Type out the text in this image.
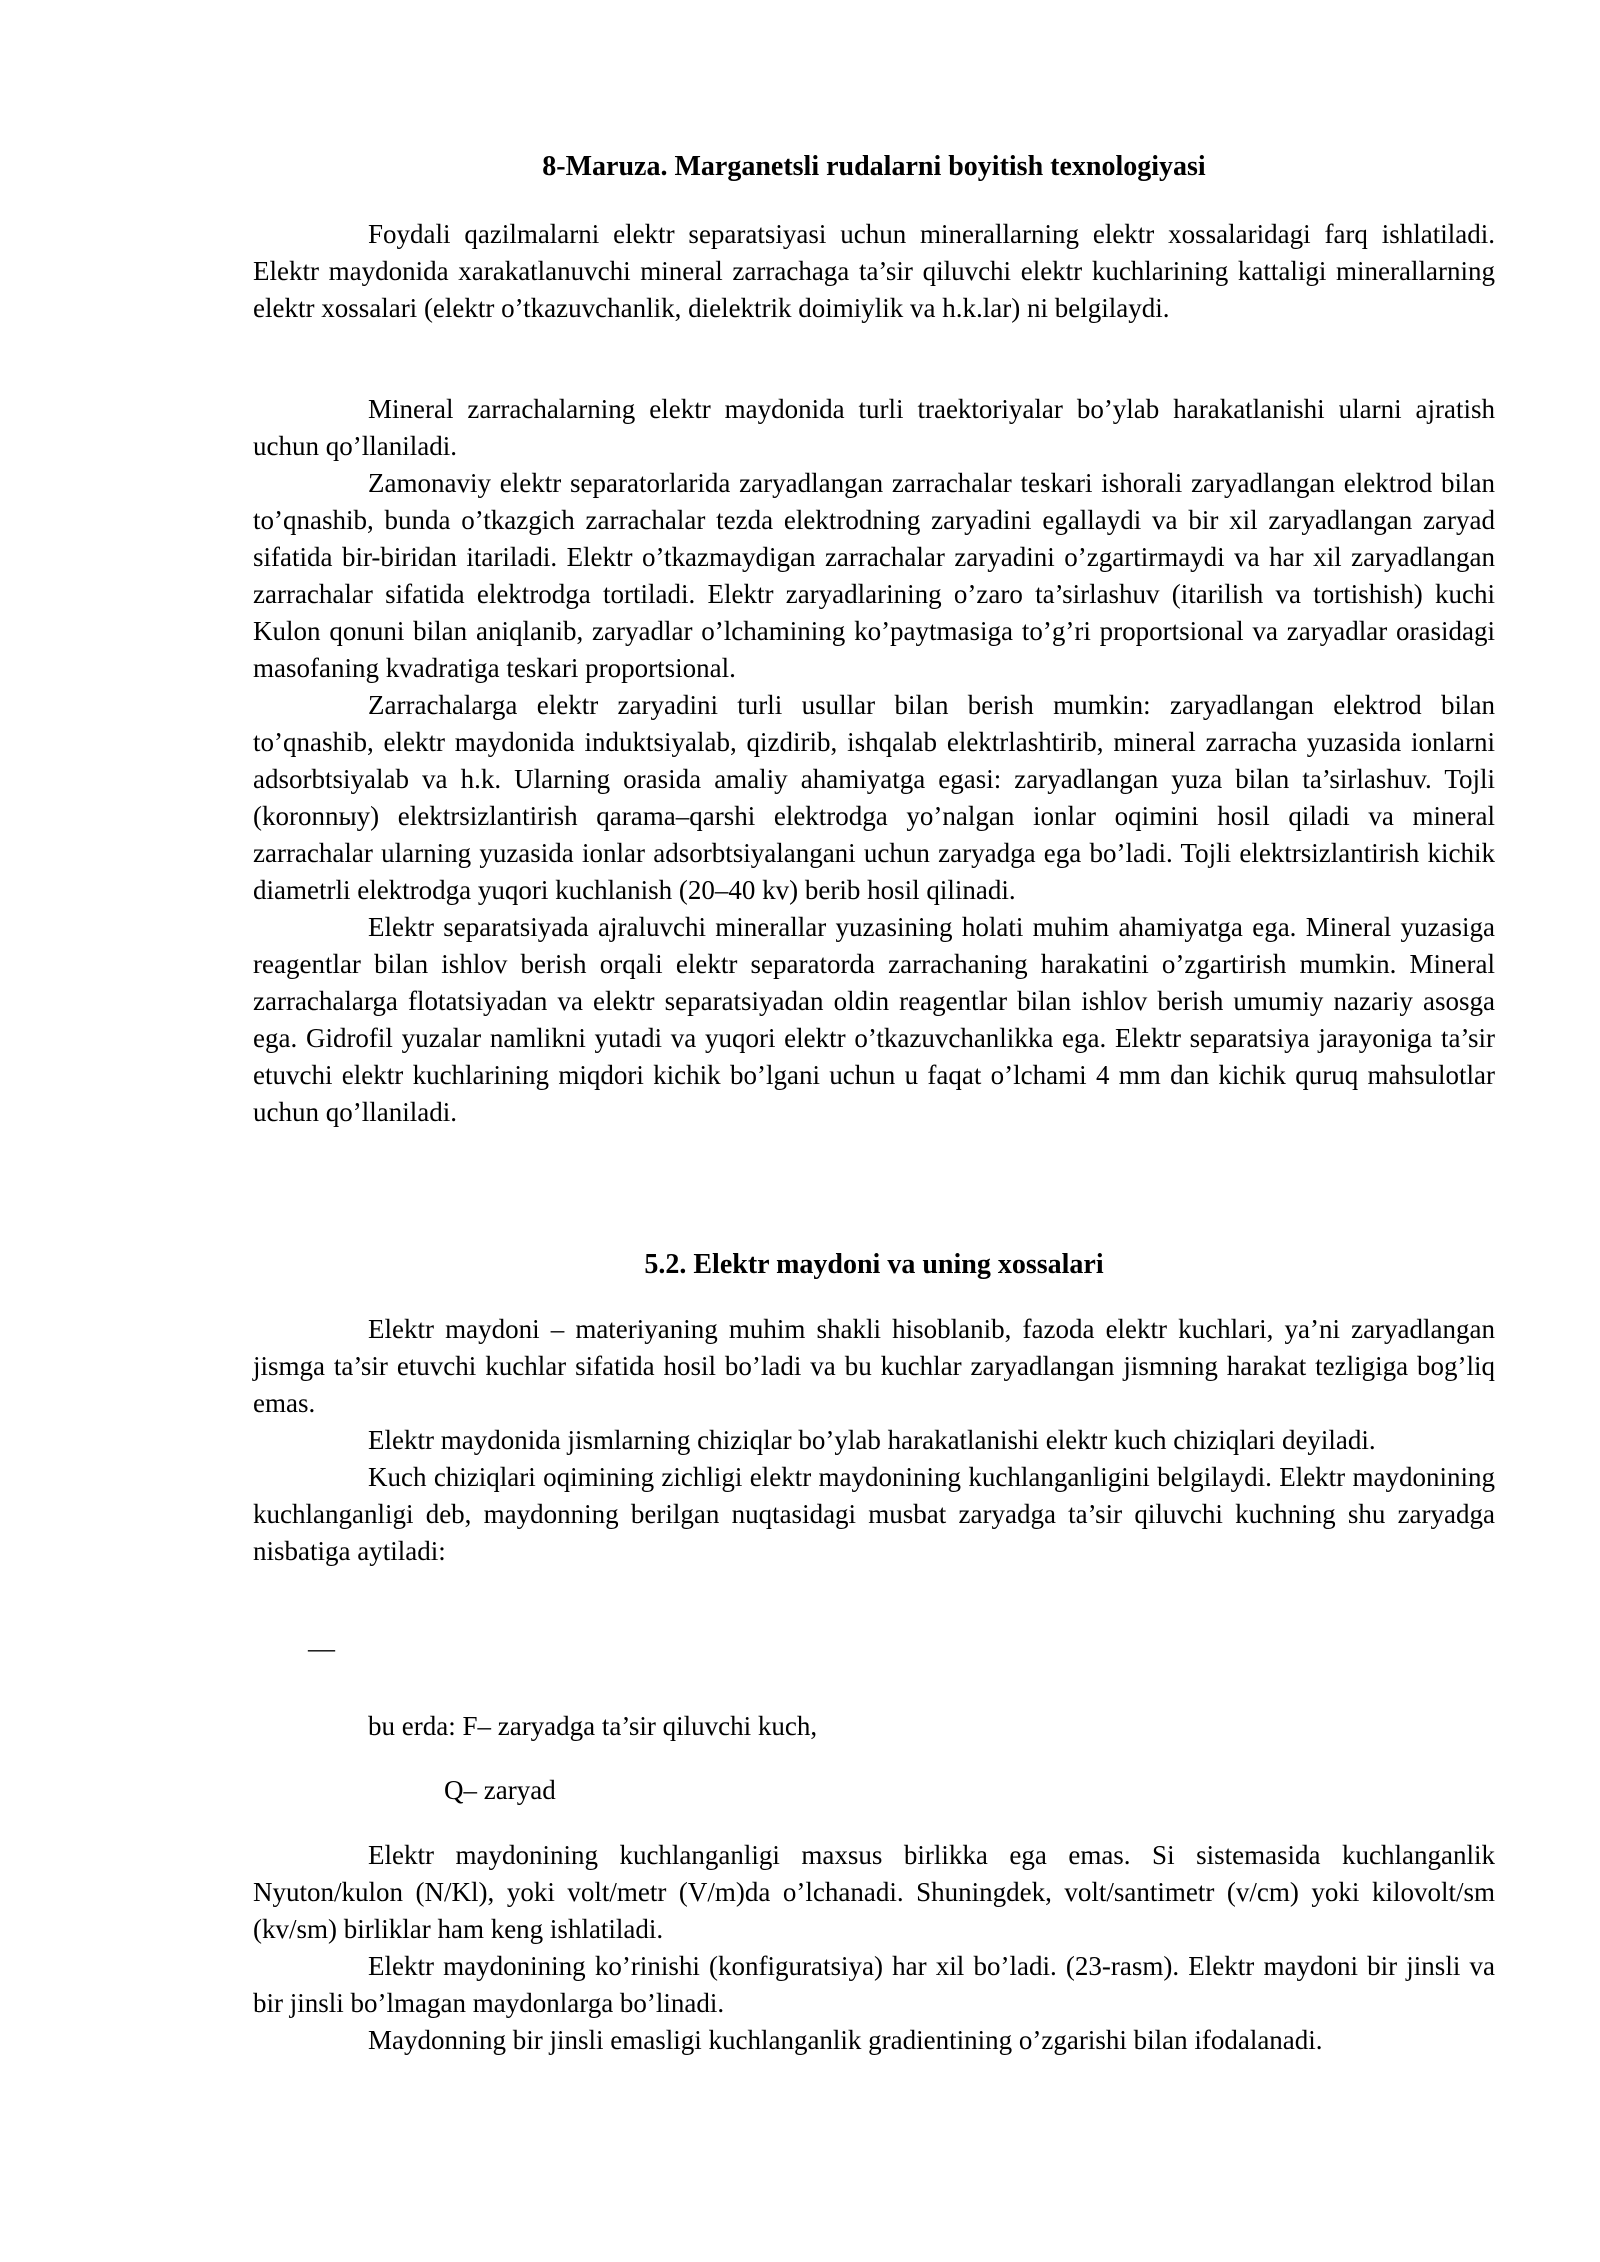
8-Maruza. Marganetsli rudalarni boyitish texnologiyasi

Foydali qazilmalarni elektr separatsiyasi uchun minerallarning elektr xossalaridagi farq ishlatiladi. Elektr maydonida xarakatlanuvchi mineral zarrachaga ta’sir qiluvchi elektr kuchlarining kattaligi minerallarning elektr xossalari (elektr o’tkazuvchanlik, dielektrik doimiylik va h.k.lar) ni belgilaydi.

Mineral zarrachalarning elektr maydonida turli traektoriyalar bo’ylab harakatlanishi ularni ajratish uchun qo’llaniladi.

Zamonaviy elektr separatorlarida zaryadlangan zarrachalar teskari ishorali zaryadlangan elektrod bilan to’qnashib, bunda o’tkazgich zarrachalar tezda elektrodning zaryadini egallaydi va bir xil zaryadlangan zaryad sifatida bir-biridan itariladi. Elektr o’tkazmaydigan zarrachalar zaryadini o’zgartirmaydi va har xil zaryadlangan zarrachalar sifatida elektrodga tortiladi. Elektr zaryadlarining o’zaro ta’sirlashuv (itarilish va tortishish) kuchi Kulon qonuni bilan aniqlanib, zaryadlar o’lchamining ko’paytmasiga to’g’ri proportsional va zaryadlar orasidagi masofaning kvadratiga teskari proportsional.

Zarrachalarga elektr zaryadini turli usullar bilan berish mumkin: zaryadlangan elektrod bilan to’qnashib, elektr maydonida induktsiyalab, qizdirib, ishqalab elektrlashtirib, mineral zarracha yuzasida ionlarni adsorbtsiyalab va h.k. Ularning orasida amaliy ahamiyatga egasi: zaryadlangan yuza bilan ta’sirlashuv. Tojli (koronnыy) elektrsizlantirish qarama–qarshi elektrodga yo’nalgan ionlar oqimini hosil qiladi va mineral zarrachalar ularning yuzasida ionlar adsorbtsiyalangani uchun zaryadga ega bo’ladi. Tojli elektrsizlantirish kichik diametrli elektrodga yuqori kuchlanish (20–40 kv) berib hosil qilinadi.

Elektr separatsiyada ajraluvchi minerallar yuzasining holati muhim ahamiyatga ega. Mineral yuzasiga reagentlar bilan ishlov berish orqali elektr separatorda zarrachaning harakatini o’zgartirish mumkin. Mineral zarrachalarga flotatsiyadan va elektr separatsiyadan oldin reagentlar bilan ishlov berish umumiy nazariy asosga ega. Gidrofil yuzalar namlikni yutadi va yuqori elektr o’tkazuvchanlikka ega. Elektr separatsiya jarayoniga ta’sir etuvchi elektr kuchlarining miqdori kichik bo’lgani uchun u faqat o’lchami 4 mm dan kichik quruq mahsulotlar uchun qo’llaniladi.

5.2. Elektr maydoni va uning xossalari

Elektr maydoni – materiyaning muhim shakli hisoblanib, fazoda elektr kuchlari, ya’ni zaryadlangan jismga ta’sir etuvchi kuchlar sifatida hosil bo’ladi va bu kuchlar zaryadlangan jismning harakat tezligiga bog’liq emas.

Elektr maydonida jismlarning chiziqlar bo’ylab harakatlanishi elektr kuch chiziqlari deyiladi.

Kuch chiziqlari oqimining zichligi elektr maydonining kuchlanganligini belgilaydi. Elektr maydonining kuchlanganligi deb, maydonning berilgan nuqtasidagi musbat zaryadga ta’sir qiluvchi kuchning shu zaryadga nisbatiga aytiladi:

—
bu erda: F– zaryadga ta’sir qiluvchi kuch,
Q– zaryad

Elektr maydonining kuchlanganligi maxsus birlikka ega emas. Si sistemasida kuchlanganlik Nyuton/kulon (N/Kl), yoki volt/metr (V/m)da o’lchanadi. Shuningdek, volt/santimetr (v/cm) yoki kilovolt/sm (kv/sm) birliklar ham keng ishlatiladi.

Elektr maydonining ko’rinishi (konfiguratsiya) har xil bo’ladi. (23-rasm). Elektr maydoni bir jinsli va bir jinsli bo’lmagan maydonlarga bo’linadi.

Maydonning bir jinsli emasligi kuchlanganlik gradientining o’zgarishi bilan ifodalanadi.
